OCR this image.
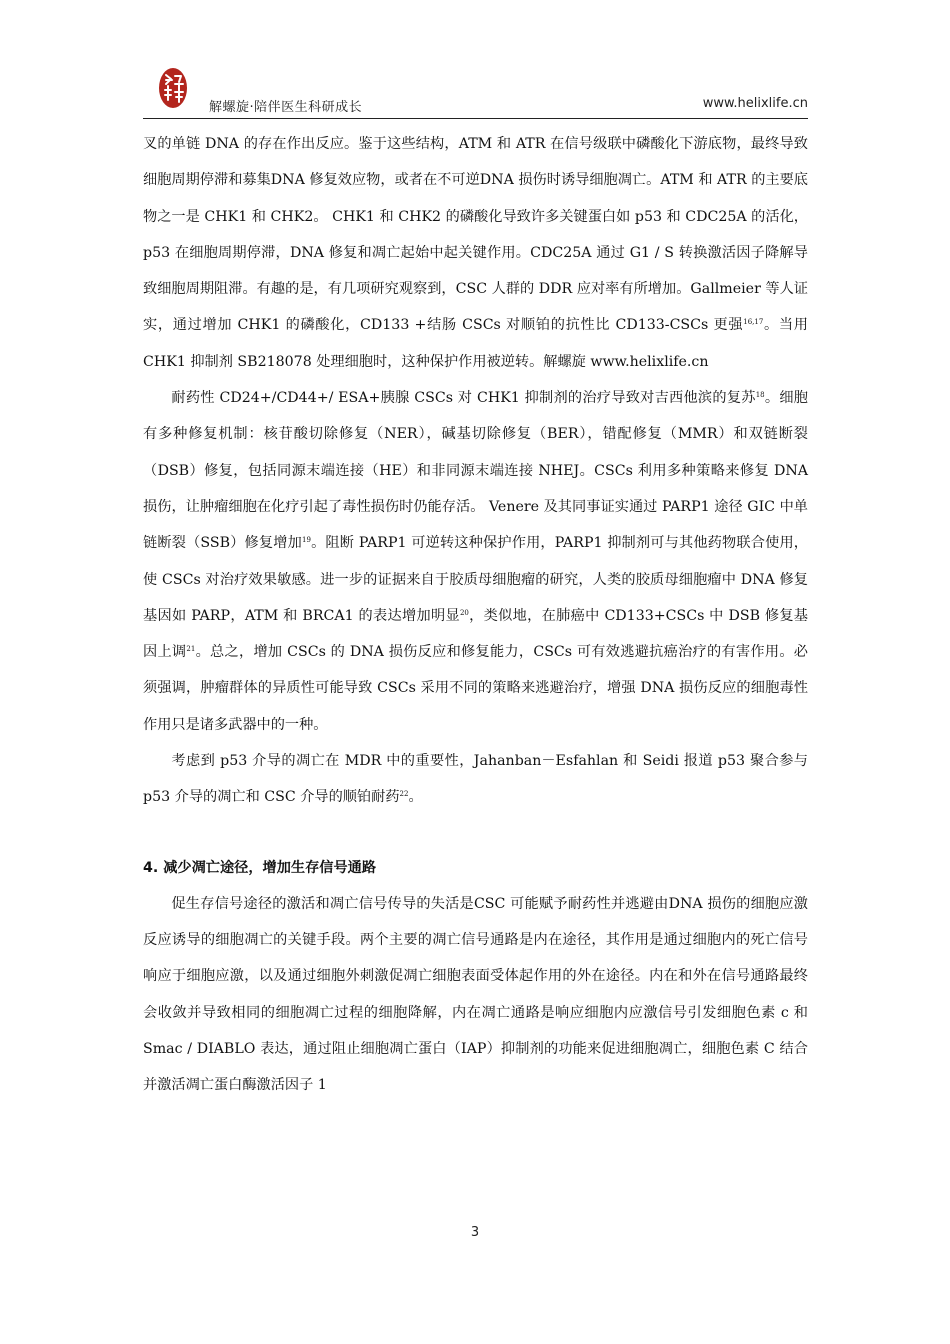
解螺旋·陪伴医生科研成长	www.helixlife.cn

叉的单链 DNA 的存在作出反应。鉴于这些结构，ATM 和 ATR 在信号级联中磷酸化下游底物，最终导致细胞周期停滞和募集DNA 修复效应物，或者在不可逆DNA 损伤时诱导细胞凋亡。ATM 和 ATR 的主要底物之一是 CHK1 和 CHK2。 CHK1 和 CHK2 的磷酸化导致许多关键蛋白如 p53 和 CDC25A 的活化，p53 在细胞周期停滞，DNA 修复和凋亡起始中起关键作用。CDC25A 通过 G1 / S 转换激活因子降解导致细胞周期阻滞。有趣的是，有几项研究观察到，CSC 人群的 DDR 应对率有所增加。Gallmeier 等人证实，通过增加 CHK1 的磷酸化，CD133 +结肠 CSCs 对顺铂的抗性比 CD133-CSCs 更强$^{16,17}$。当用 CHK1 抑制剂 SB218078 处理细胞时，这种保护作用被逆转。解螺旋 www.helixlife.cn

耐药性 CD24+/CD44+/ ESA+胰腺 CSCs 对 CHK1 抑制剂的治疗导致对吉西他滨的复苏$^{18}$。细胞有多种修复机制：核苷酸切除修复（NER），碱基切除修复（BER），错配修复（MMR）和双链断裂（DSB）修复，包括同源末端连接（HE）和非同源末端连接 NHEJ。CSCs 利用多种策略来修复 DNA 损伤，让肿瘤细胞在化疗引起了毒性损伤时仍能存活。 Venere 及其同事证实通过 PARP1 途径 GIC 中单链断裂（SSB）修复增加$^{19}$。阻断 PARP1 可逆转这种保护作用，PARP1 抑制剂可与其他药物联合使用，使 CSCs 对治疗效果敏感。进一步的证据来自于胶质母细胞瘤的研究，人类的胶质母细胞瘤中 DNA 修复基因如 PARP，ATM 和 BRCA1 的表达增加明显$^{20}$，类似地，在肺癌中 CD133+CSCs 中 DSB 修复基因上调$^{21}$。总之，增加 CSCs 的 DNA 损伤反应和修复能力，CSCs 可有效逃避抗癌治疗的有害作用。必须强调，肿瘤群体的异质性可能导致 CSCs 采用不同的策略来逃避治疗，增强 DNA 损伤反应的细胞毒性作用只是诸多武器中的一种。

考虑到 p53 介导的凋亡在 MDR 中的重要性，Jahanban－Esfahlan 和 Seidi 报道 p53 聚合参与 p53 介导的凋亡和 CSC 介导的顺铂耐药$^{22}$。

4. 减少凋亡途径，增加生存信号通路

促生存信号途径的激活和凋亡信号传导的失活是CSC 可能赋予耐药性并逃避由DNA 损伤的细胞应激反应诱导的细胞凋亡的关键手段。两个主要的凋亡信号通路是内在途径，其作用是通过细胞内的死亡信号响应于细胞应激，以及通过细胞外刺激促凋亡细胞表面受体起作用的外在途径。内在和外在信号通路最终会收敛并导致相同的细胞凋亡过程的细胞降解，内在凋亡通路是响应细胞内应激信号引发细胞色素 c 和 Smac / DIABLO 表达，通过阻止细胞凋亡蛋白（IAP）抑制剂的功能来促进细胞凋亡，细胞色素 C 结合并激活凋亡蛋白酶激活因子 1

3
